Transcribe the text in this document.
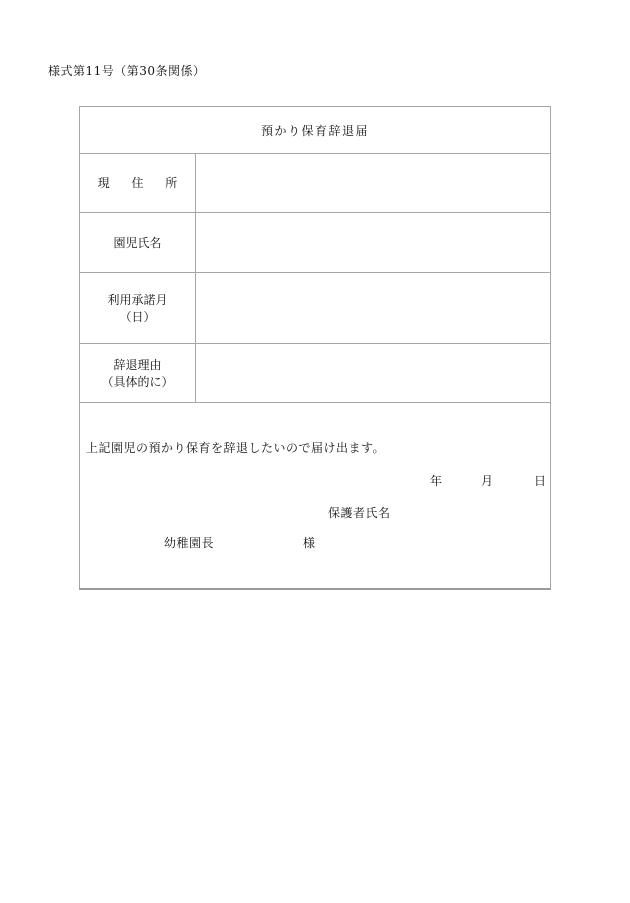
様式第11号（第30条関係）
預かり保育辞退届
現 住 所
園児氏名
利用承諾月
（日）
辞退理由
（具体的に）
上記園児の預かり保育を辞退したいので届け出ます。
年	月	日
保護者氏名
幼稚園長	様
